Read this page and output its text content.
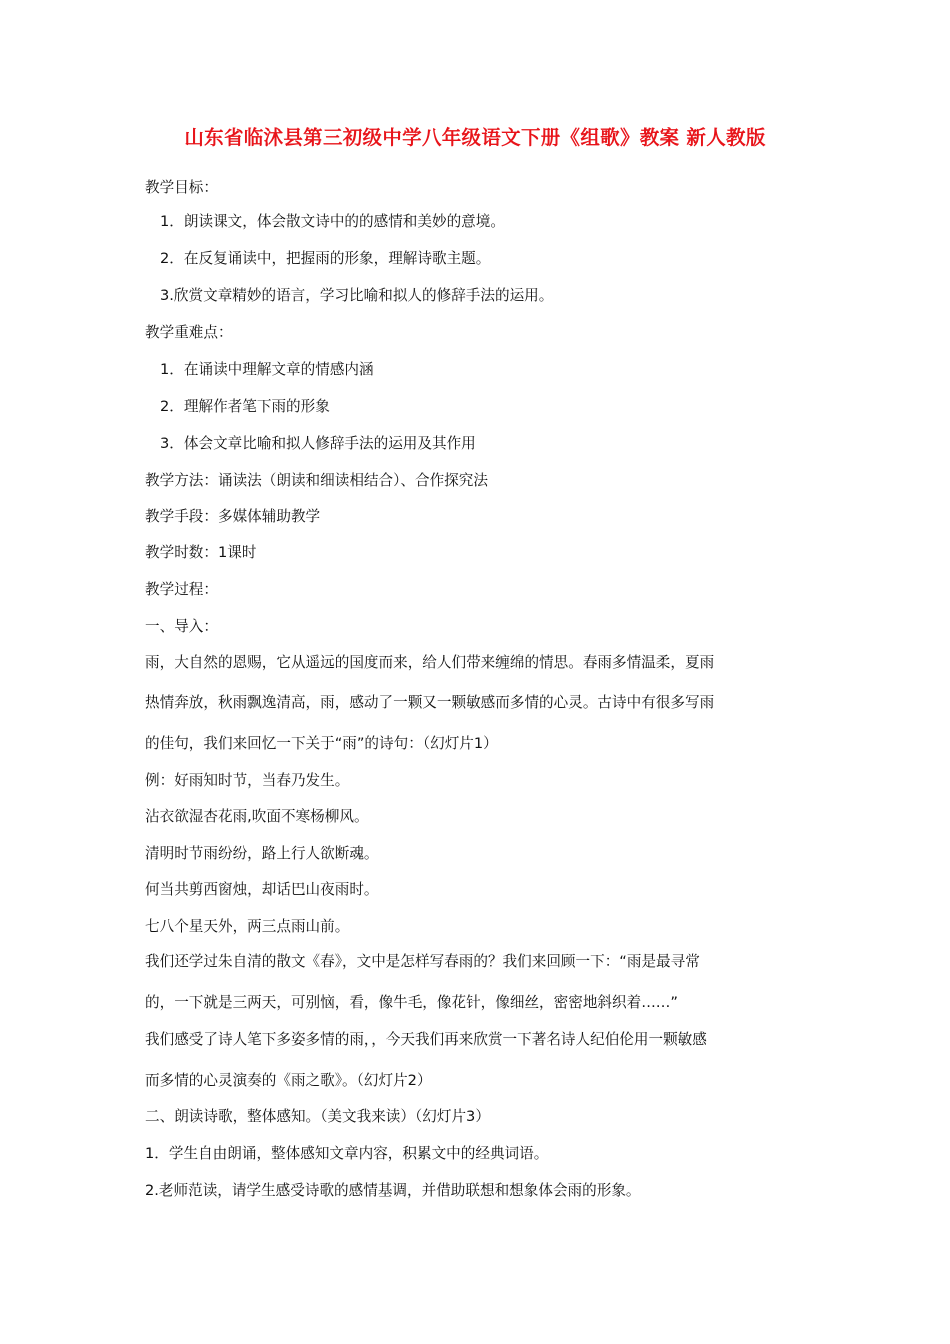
山东省临沭县第三初级中学八年级语文下册《组歌》教案 新人教版
教学目标：
1．朗读课文，体会散文诗中的的感情和美妙的意境。
2．在反复诵读中，把握雨的形象，理解诗歌主题。
3.欣赏文章精妙的语言，学习比喻和拟人的修辞手法的运用。
教学重难点：
1．在诵读中理解文章的情感内涵
2．理解作者笔下雨的形象
3．体会文章比喻和拟人修辞手法的运用及其作用
教学方法：诵读法（朗读和细读相结合）、合作探究法
教学手段：多媒体辅助教学
教学时数：1课时
教学过程：
一、导入：
雨，大自然的恩赐，它从遥远的国度而来，给人们带来缠绵的情思。春雨多情温柔，夏雨
热情奔放，秋雨飘逸清高，雨，感动了一颗又一颗敏感而多情的心灵。古诗中有很多写雨
的佳句，我们来回忆一下关于“雨”的诗句：（幻灯片1）
例：好雨知时节，当春乃发生。
沾衣欲湿杏花雨,吹面不寒杨柳风。
清明时节雨纷纷，路上行人欲断魂。
何当共剪西窗烛，却话巴山夜雨时。
七八个星天外，两三点雨山前。
我们还学过朱自清的散文《春》，文中是怎样写春雨的？我们来回顾一下：“雨是最寻常
的，一下就是三两天，可别恼，看，像牛毛，像花针，像细丝，密密地斜织着……”
我们感受了诗人笔下多姿多情的雨，，今天我们再来欣赏一下著名诗人纪伯伦用一颗敏感
而多情的心灵演奏的《雨之歌》。（幻灯片2）
二、朗读诗歌，整体感知。（美文我来读）（幻灯片3）
1．学生自由朗诵，整体感知文章内容，积累文中的经典词语。
2.老师范读，请学生感受诗歌的感情基调，并借助联想和想象体会雨的形象。
